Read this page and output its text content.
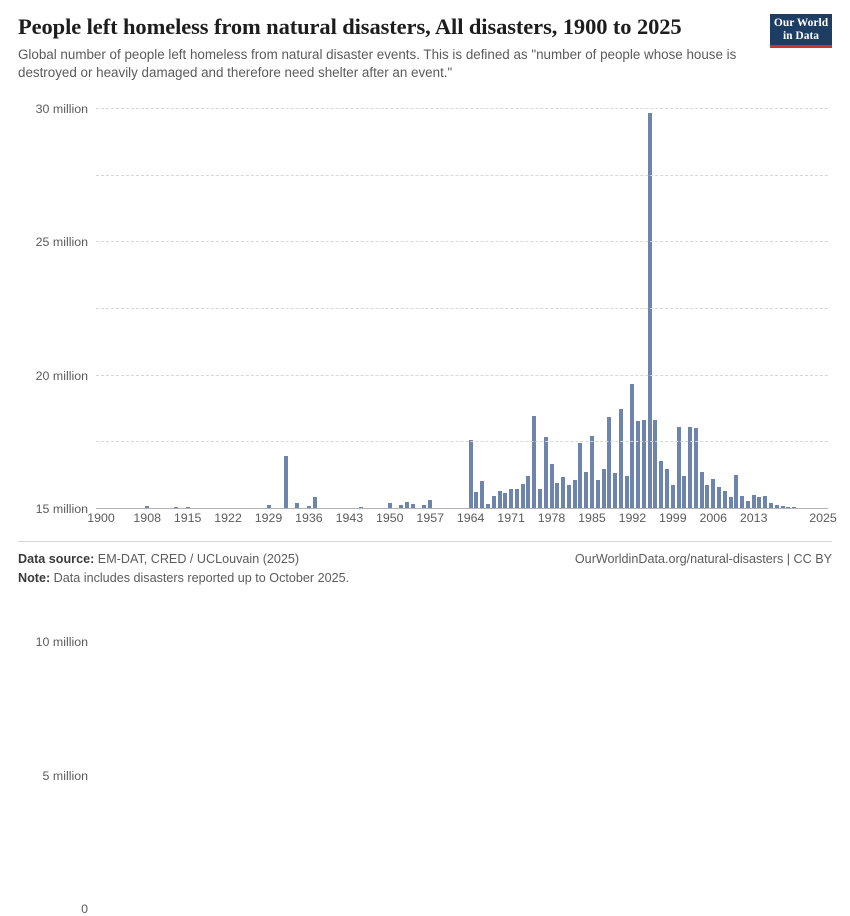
People left homeless from natural disasters, All disasters, 1900 to 2025

Global number of people left homeless from natural disaster events. This is defined as "number of people whose house is destroyed or heavily damaged and therefore need shelter after an event."

Our World
in Data
0
5 million
10 million
15 million
20 million
25 million
30 million
1900 1908 1915 1922 1929 1936 1943 1950 1957 1964 1971 1978 1985 1992 1999 2006 2013	2025
Data source: EM-DAT, CRED / UCLouvain (2025)	OurWorldinData.org/natural-disasters | CC BY
Note: Data includes disasters reported up to October 2025.
